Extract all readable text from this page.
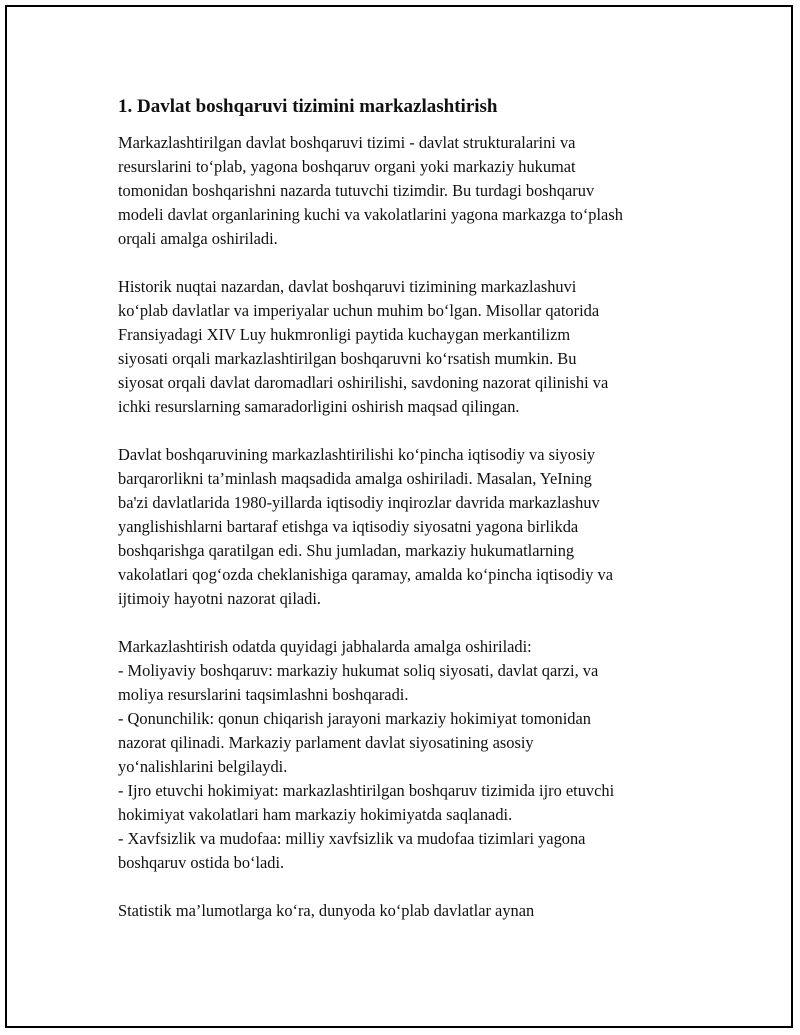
1. Davlat boshqaruvi tizimini markazlashtirish

Markazlashtirilgan davlat boshqaruvi tizimi - davlat strukturalarini va
resurslarini to‘plab, yagona boshqaruv organi yoki markaziy hukumat
tomonidan boshqarishni nazarda tutuvchi tizimdir. Bu turdagi boshqaruv
modeli davlat organlarining kuchi va vakolatlarini yagona markazga to‘plash
orqali amalga oshiriladi.

Historik nuqtai nazardan, davlat boshqaruvi tizimining markazlashuvi
ko‘plab davlatlar va imperiyalar uchun muhim bo‘lgan. Misollar qatorida
Fransiyadagi XIV Luy hukmronligi paytida kuchaygan merkantilizm
siyosati orqali markazlashtirilgan boshqaruvni ko‘rsatish mumkin. Bu
siyosat orqali davlat daromadlari oshirilishi, savdoning nazorat qilinishi va
ichki resurslarning samaradorligini oshirish maqsad qilingan.

Davlat boshqaruvining markazlashtirilishi ko‘pincha iqtisodiy va siyosiy
barqarorlikni ta’minlash maqsadida amalga oshiriladi. Masalan, YeIning
ba'zi davlatlarida 1980-yillarda iqtisodiy inqirozlar davrida markazlashuv
yanglishishlarni bartaraf etishga va iqtisodiy siyosatni yagona birlikda
boshqarishga qaratilgan edi. Shu jumladan, markaziy hukumatlarning
vakolatlari qog‘ozda cheklanishiga qaramay, amalda ko‘pincha iqtisodiy va
ijtimoiy hayotni nazorat qiladi.

Markazlashtirish odatda quyidagi jabhalarda amalga oshiriladi:
- Moliyaviy boshqaruv: markaziy hukumat soliq siyosati, davlat qarzi, va
moliya resurslarini taqsimlashni boshqaradi.
- Qonunchilik: qonun chiqarish jarayoni markaziy hokimiyat tomonidan
nazorat qilinadi. Markaziy parlament davlat siyosatining asosiy
yo‘nalishlarini belgilaydi.
- Ijro etuvchi hokimiyat: markazlashtirilgan boshqaruv tizimida ijro etuvchi
hokimiyat vakolatlari ham markaziy hokimiyatda saqlanadi.
- Xavfsizlik va mudofaa: milliy xavfsizlik va mudofaa tizimlari yagona
boshqaruv ostida bo‘ladi.

Statistik ma’lumotlarga ko‘ra, dunyoda ko‘plab davlatlar aynan
